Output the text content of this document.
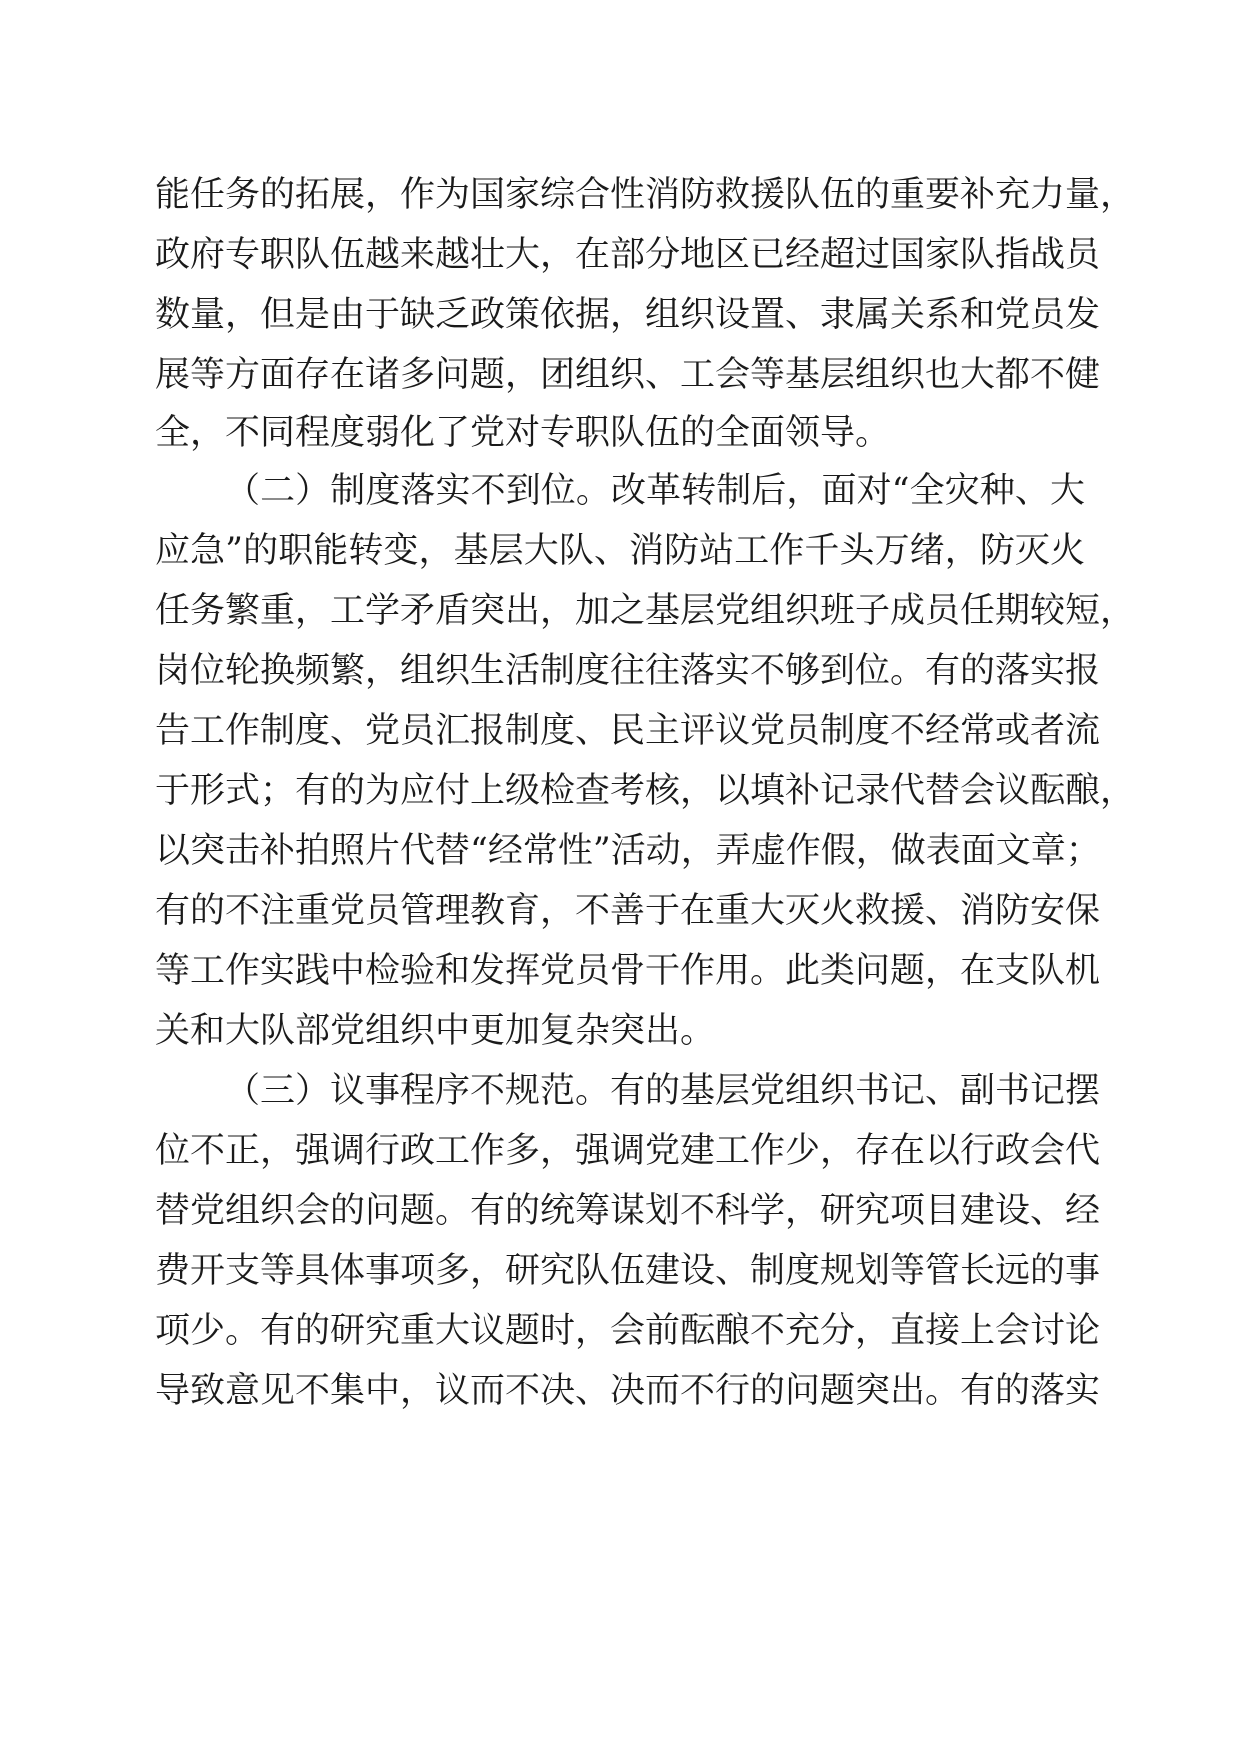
能任务的拓展，作为国家综合性消防救援队伍的重要补充力量，
政府专职队伍越来越壮大，在部分地区已经超过国家队指战员
数量，但是由于缺乏政策依据，组织设置、隶属关系和党员发
展等方面存在诸多问题，团组织、工会等基层组织也大都不健
全，不同程度弱化了党对专职队伍的全面领导。
（二）制度落实不到位。改革转制后，面对“全灾种、大
应急”的职能转变，基层大队、消防站工作千头万绪，防灭火
任务繁重，工学矛盾突出，加之基层党组织班子成员任期较短，
岗位轮换频繁，组织生活制度往往落实不够到位。有的落实报
告工作制度、党员汇报制度、民主评议党员制度不经常或者流
于形式；有的为应付上级检查考核，以填补记录代替会议酝酿，
以突击补拍照片代替“经常性”活动，弄虚作假，做表面文章；
有的不注重党员管理教育，不善于在重大灭火救援、消防安保
等工作实践中检验和发挥党员骨干作用。此类问题，在支队机
关和大队部党组织中更加复杂突出。
（三）议事程序不规范。有的基层党组织书记、副书记摆
位不正，强调行政工作多，强调党建工作少，存在以行政会代
替党组织会的问题。有的统筹谋划不科学，研究项目建设、经
费开支等具体事项多，研究队伍建设、制度规划等管长远的事
项少。有的研究重大议题时，会前酝酿不充分，直接上会讨论
导致意见不集中，议而不决、决而不行的问题突出。有的落实
